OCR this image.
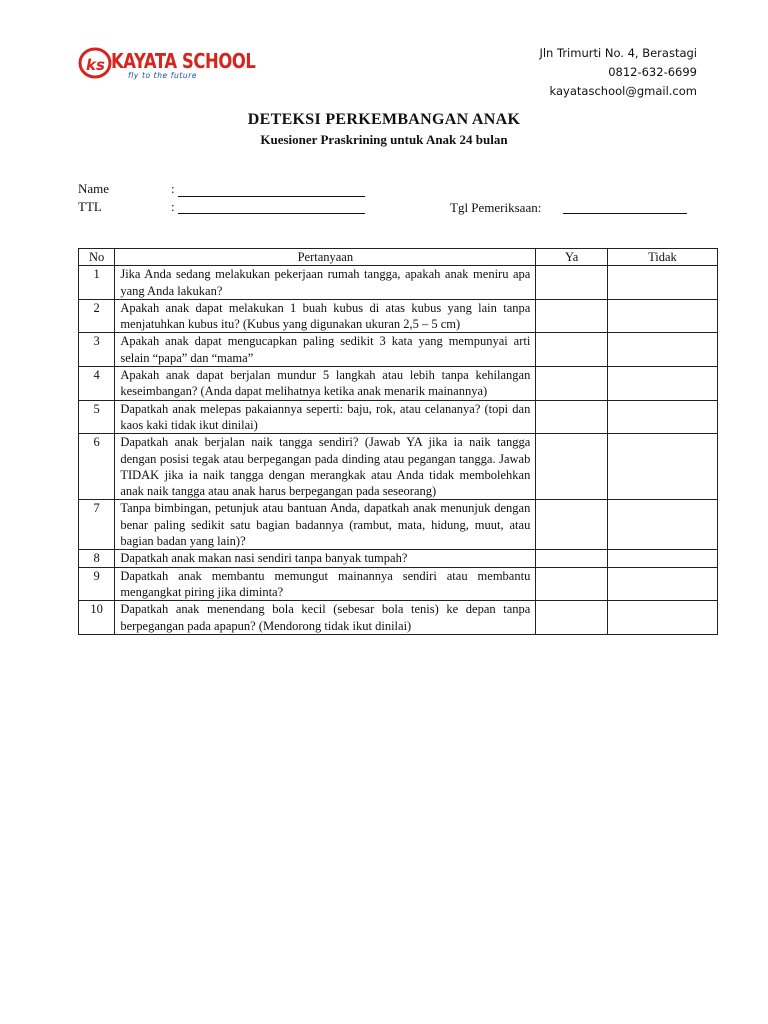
ks KAYATA SCHOOL
fly to the future
Jln Trimurti No. 4, Berastagi
0812-632-6699
kayataschool@gmail.com
DETEKSI PERKEMBANGAN ANAK
Kuesioner Praskrining untuk Anak 24 bulan
Name	:
TTL	:	Tgl Pemeriksaan:
No	Pertanyaan	Ya	Tidak
1	Jika Anda sedang melakukan pekerjaan rumah tangga, apakah anak meniru apa yang Anda lakukan?		
2	Apakah anak dapat melakukan 1 buah kubus di atas kubus yang lain tanpa menjatuhkan kubus itu? (Kubus yang digunakan ukuran 2,5 – 5 cm)		
3	Apakah anak dapat mengucapkan paling sedikit 3 kata yang mempunyai arti selain “papa” dan “mama”		
4	Apakah anak dapat berjalan mundur 5 langkah atau lebih tanpa kehilangan keseimbangan? (Anda dapat melihatnya ketika anak menarik mainannya)		
5	Dapatkah anak melepas pakaiannya seperti: baju, rok, atau celananya? (topi dan kaos kaki tidak ikut dinilai)		
6	Dapatkah anak berjalan naik tangga sendiri? (Jawab YA jika ia naik tangga dengan posisi tegak atau berpegangan pada dinding atau pegangan tangga. Jawab TIDAK jika ia naik tangga dengan merangkak atau Anda tidak membolehkan anak naik tangga atau anak harus berpegangan pada seseorang)		
7	Tanpa bimbingan, petunjuk atau bantuan Anda, dapatkah anak menunjuk dengan benar paling sedikit satu bagian badannya (rambut, mata, hidung, muut, atau bagian badan yang lain)?		
8	Dapatkah anak makan nasi sendiri tanpa banyak tumpah?		
9	Dapatkah anak membantu memungut mainannya sendiri atau membantu mengangkat piring jika diminta?		
10	Dapatkah anak menendang bola kecil (sebesar bola tenis) ke depan tanpa berpegangan pada apapun? (Mendorong tidak ikut dinilai)		
